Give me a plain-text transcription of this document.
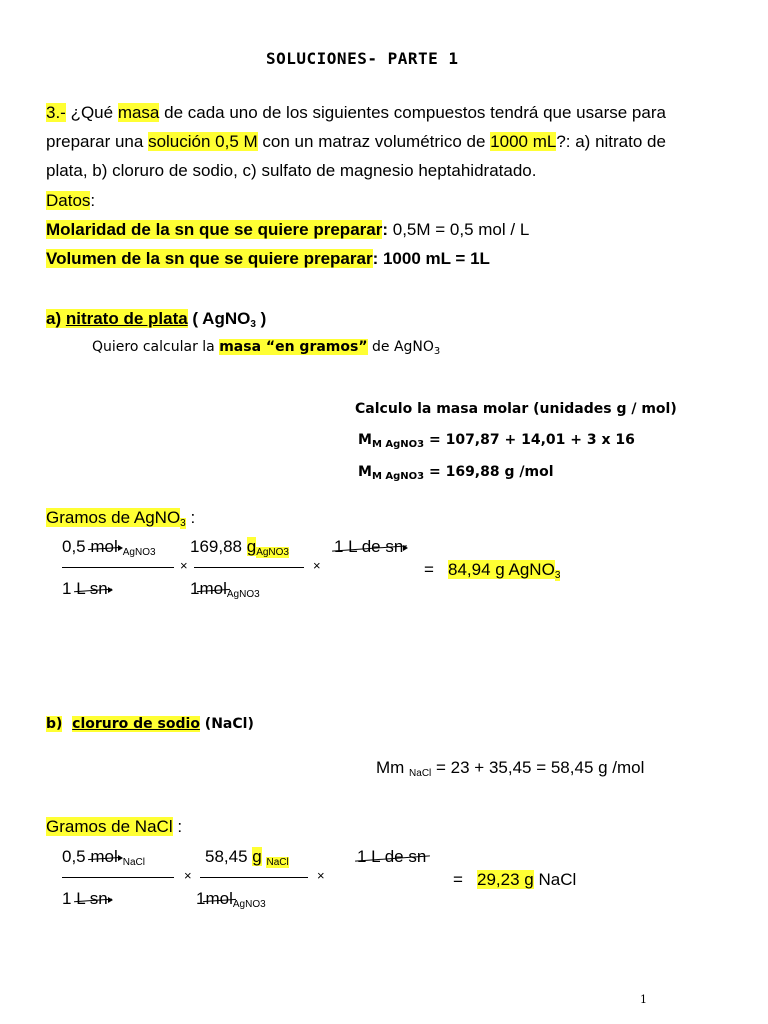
SOLUCIONES- PARTE 1
3.- ¿Qué masa de cada uno de los siguientes compuestos tendrá que usarse para
preparar una solución 0,5 M con un matraz volumétrico de 1000 mL?: a) nitrato de
plata, b) cloruro de sodio, c) sulfato de magnesio heptahidratado.
Datos:
Molaridad de la sn que se quiere preparar: 0,5M = 0,5 mol / L
Volumen de la sn que se quiere preparar: 1000 mL = 1L
a) nitrato de plata ( AgNO$_3$ )
Quiero calcular la masa “en gramos” de AgNO$_3$
Calculo la masa molar (unidades g / mol)
$M_{M AgNO3} = 107,87 + 14,01 + 3$ x 16
$M_{M AgNO3} = 169,88$ g /mol
Gramos de AgNO$_3$ :
0,5 mol $_{AgNO3}$ 169,88 $g_{AgNO3}$	1 L de sn
×	×	= 84,94 g AgNO$_3$
1 L sn	1mol$_{AgNO3}$
b) cloruro de sodio (NaCl)
Mm $_{NaCl}$ = 23 + 35,45 = 58,45 g /mol
Gramos de NaCl :
0,5 mol $_{NaCl}$	58,45 g $_{NaCl}$	1 L de sn
×	×	= 29,23 g NaCl
1 L sn	1mol$_{AgNO3}$
1
